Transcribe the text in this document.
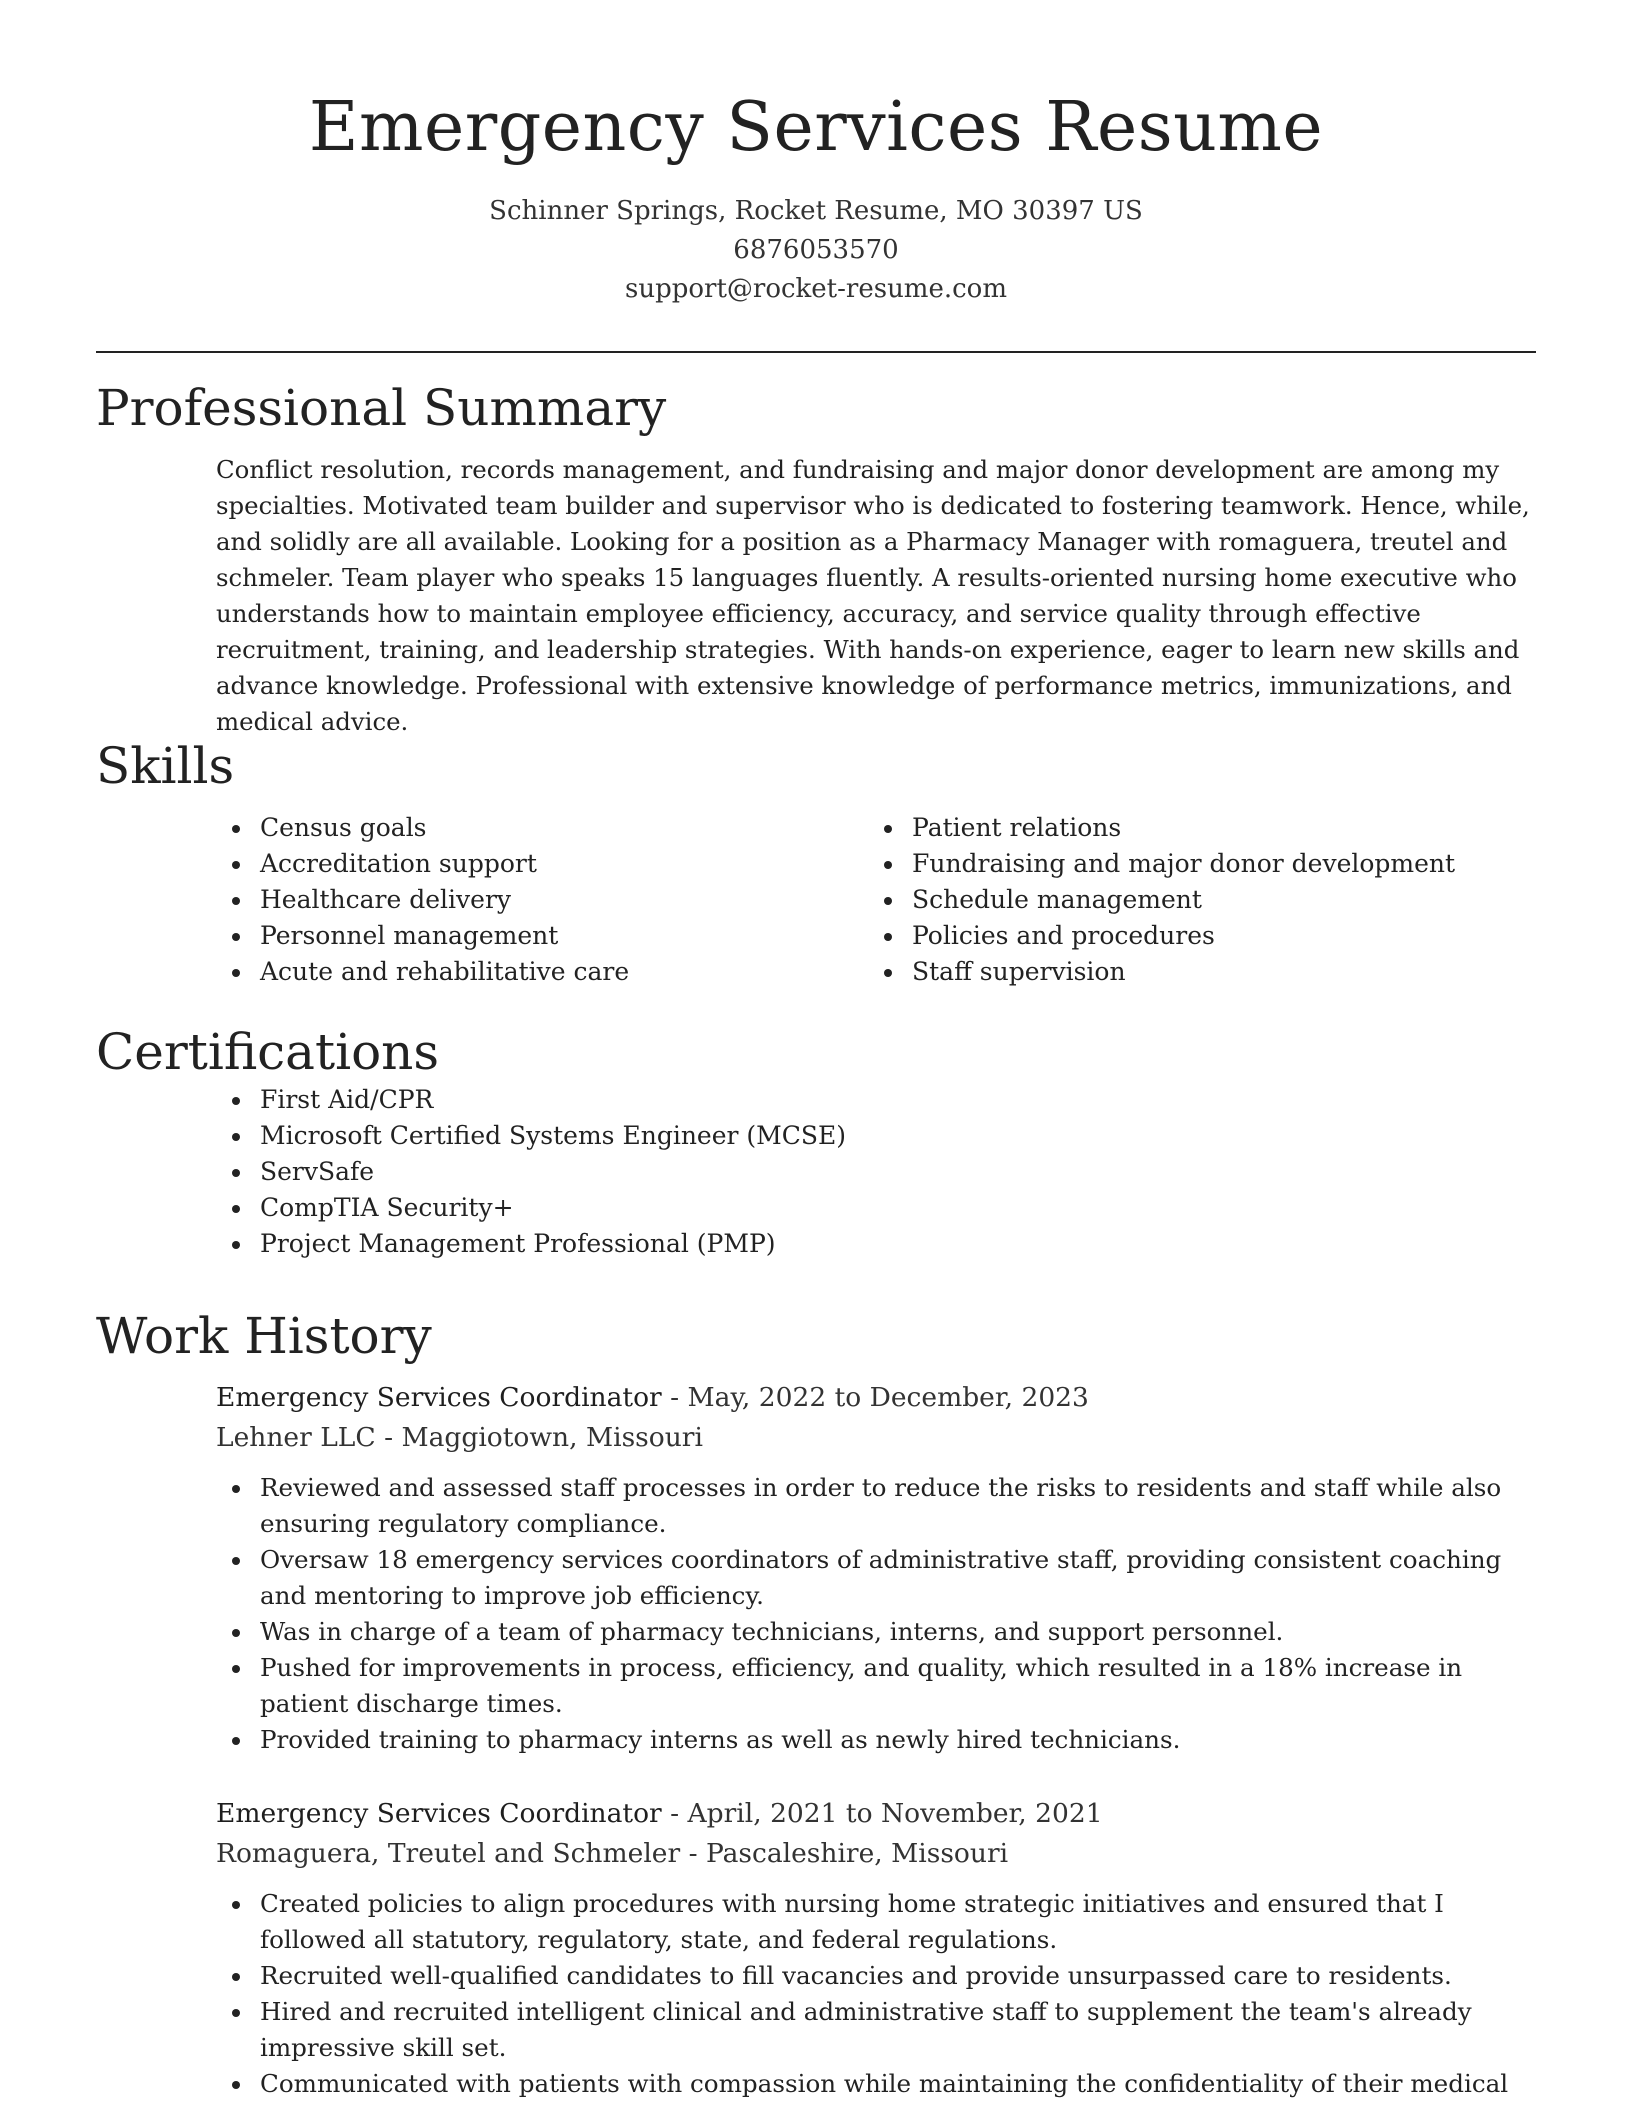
Emergency Services Resume
Schinner Springs, Rocket Resume, MO 30397 US
6876053570
support@rocket-resume.com
Professional Summary

Conflict resolution, records management, and fundraising and major donor development are among my specialties. Motivated team builder and supervisor who is dedicated to fostering teamwork. Hence, while, and solidly are all available. Looking for a position as a Pharmacy Manager with romaguera, treutel and schmeler. Team player who speaks 15 languages fluently. A results-oriented nursing home executive who understands how to maintain employee efficiency, accuracy, and service quality through effective recruitment, training, and leadership strategies. With hands-on experience, eager to learn new skills and advance knowledge. Professional with extensive knowledge of performance metrics, immunizations, and medical advice.

Skills
Census goals
Accreditation support
Healthcare delivery
Personnel management
Acute and rehabilitative care
Patient relations
Fundraising and major donor development
Schedule management
Policies and procedures
Staff supervision
Certifications
First Aid/CPR
Microsoft Certified Systems Engineer (MCSE)
ServSafe
CompTIA Security+
Project Management Professional (PMP)
Work History
Emergency Services Coordinator - May, 2022 to December, 2023
Lehner LLC - Maggiotown, Missouri
Reviewed and assessed staff processes in order to reduce the risks to residents and staff while also ensuring regulatory compliance.
Oversaw 18 emergency services coordinators of administrative staff, providing consistent coaching and mentoring to improve job efficiency.
Was in charge of a team of pharmacy technicians, interns, and support personnel.
Pushed for improvements in process, efficiency, and quality, which resulted in a 18% increase in patient discharge times.
Provided training to pharmacy interns as well as newly hired technicians.
Emergency Services Coordinator - April, 2021 to November, 2021
Romaguera, Treutel and Schmeler - Pascaleshire, Missouri
Created policies to align procedures with nursing home strategic initiatives and ensured that I followed all statutory, regulatory, state, and federal regulations.
Recruited well-qualified candidates to fill vacancies and provide unsurpassed care to residents.
Hired and recruited intelligent clinical and administrative staff to supplement the team's already impressive skill set.
Communicated with patients with compassion while maintaining the confidentiality of their medical
